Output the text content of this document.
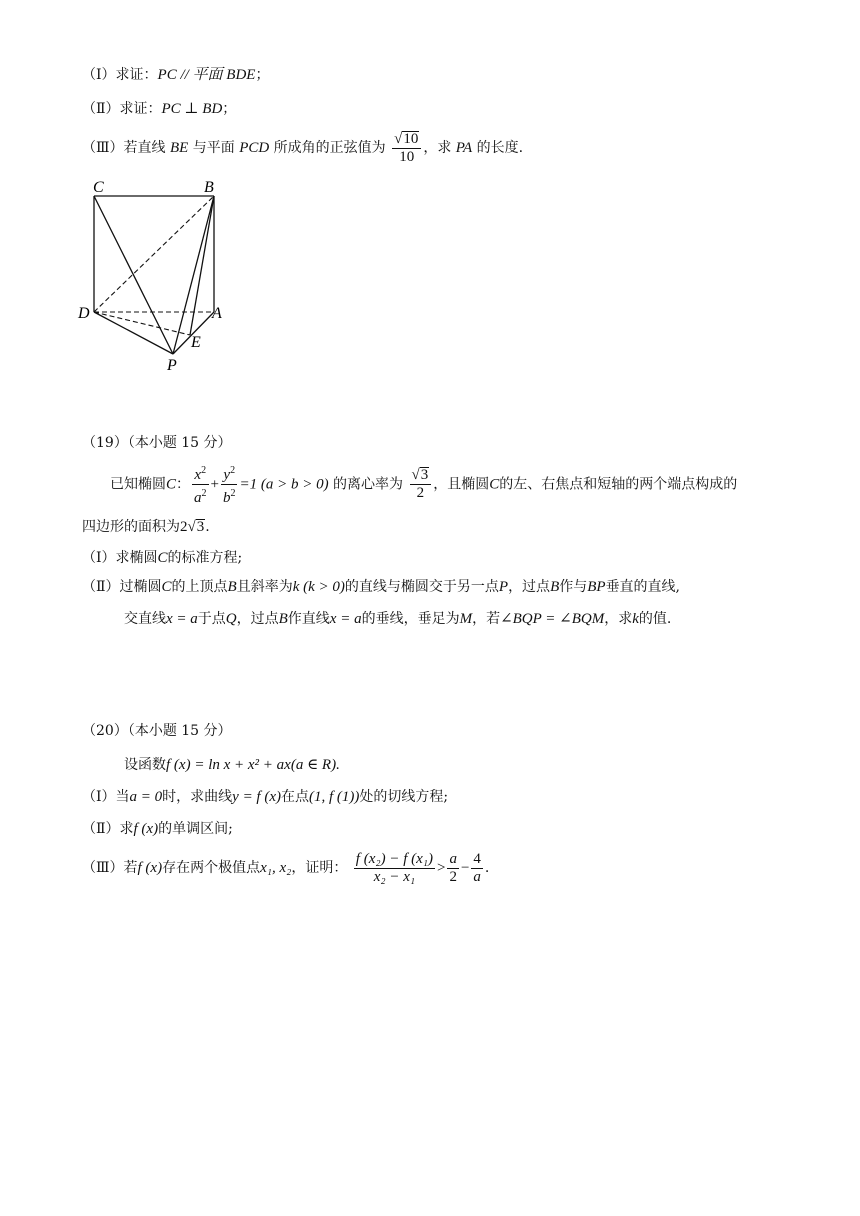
（Ⅰ）求证：PC // 平面 BDE；
（Ⅱ）求证：PC ⊥ BD；
（Ⅲ）若直线 BE 与平面 PCD 所成角的正弦值为 $\frac{√10}{10}$ ，求 PA 的长度.
C	B
D	A
E
P
（19）（本小题 15 分）
已知椭圆C： $\frac{x^2}{a^2} + \frac{y^2}{b^2} =1$ (a > b > 0) 的离心率为 $\frac{√3}{2}$ ，且椭圆C的左、右焦点和短轴的两个端点构成的
四边形的面积为2√3.
（Ⅰ）求椭圆C的标准方程;
（Ⅱ）过椭圆C的上顶点B且斜率为k (k > 0)的直线与椭圆交于另一点P，过点B作与BP垂直的直线,
交直线x = a于点Q，过点B作直线x = a的垂线，垂足为M，若∠BQP = ∠BQM，求k的值.
（20）（本小题 15 分）
设函数f (x) = ln x + x² + ax(a ∈ R).
（Ⅰ）当a = 0时，求曲线y = f (x)在点(1, f (1))处的切线方程;
（Ⅱ）求f (x)的单调区间;
（Ⅲ）若f (x)存在两个极值点x₁, x₂，证明： $\frac{\text{f (x₂) − f (x₁)}}{\text{x₂ − x₁}} > \frac{a}{2} - \frac{4}{a}$ .
